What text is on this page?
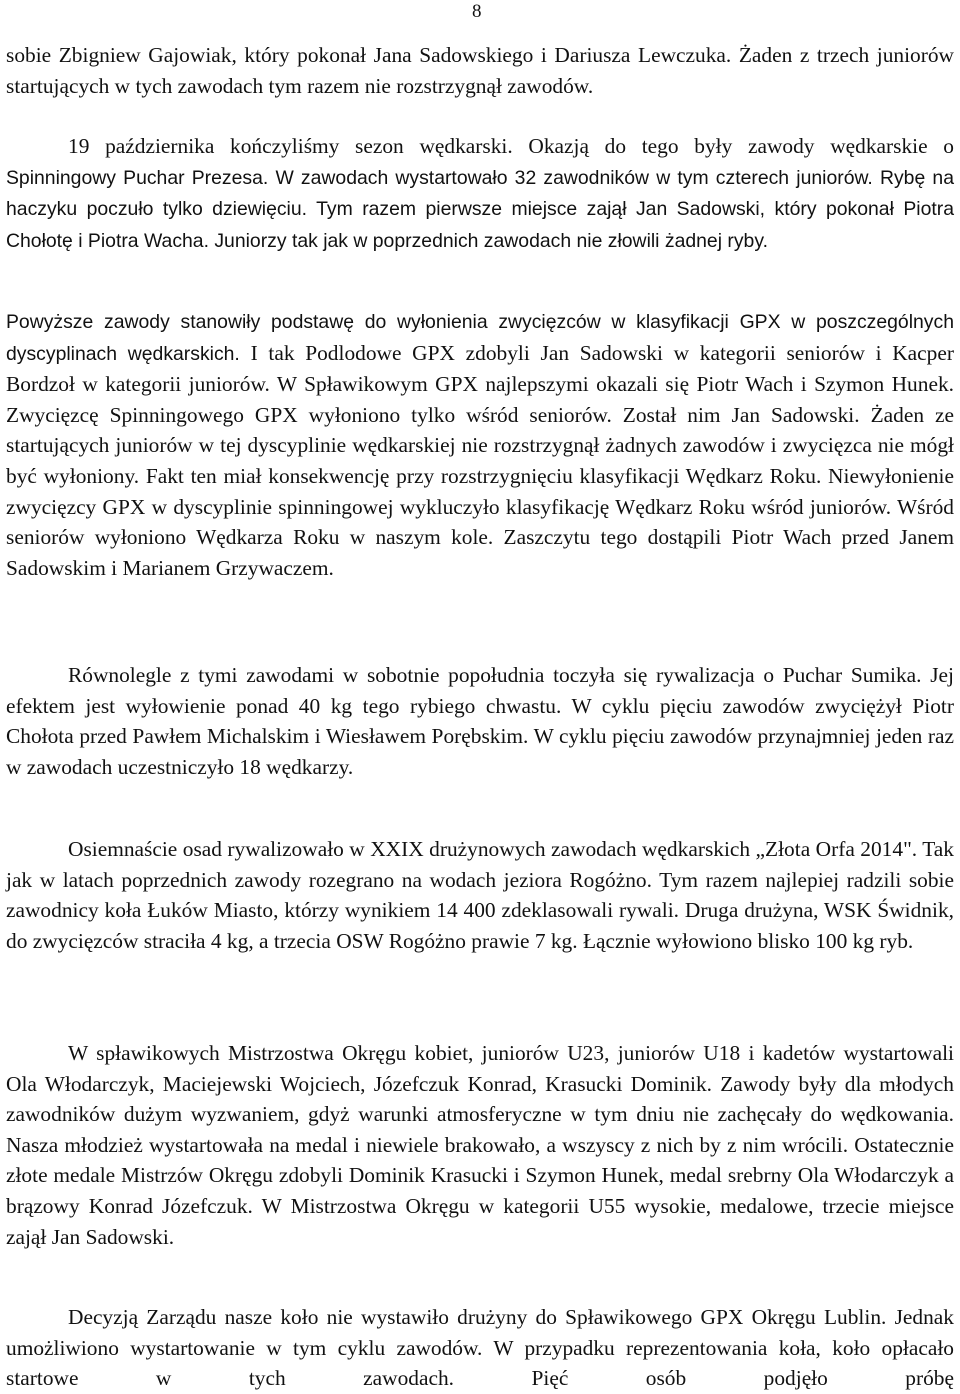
8

sobie Zbigniew Gajowiak, który pokonał Jana Sadowskiego i Dariusza Lewczuka. Żaden z trzech juniorów startujących w tych zawodach tym razem nie rozstrzygnął zawodów.

19 października kończyliśmy sezon wędkarski. Okazją do tego były zawody wędkarskie o Spinningowy Puchar Prezesa. W zawodach wystartowało 32 zawodników w tym czterech juniorów. Rybę na haczyku poczuło tylko dziewięciu. Tym razem pierwsze miejsce zajął Jan Sadowski, który pokonał Piotra Chołotę i Piotra Wacha. Juniorzy tak jak w poprzednich zawodach nie złowili żadnej ryby.

Powyższe zawody stanowiły podstawę do wyłonienia zwycięzców w klasyfikacji GPX w poszczególnych dyscyplinach wędkarskich. I tak Podlodowe GPX zdobyli Jan Sadowski w kategorii seniorów i Kacper Bordzoł w kategorii juniorów. W Spławikowym GPX najlepszymi okazali się Piotr Wach i Szymon Hunek. Zwycięzcę Spinningowego GPX wyłoniono tylko wśród seniorów. Został nim Jan Sadowski. Żaden ze startujących juniorów w tej dyscyplinie wędkarskiej nie rozstrzygnął żadnych zawodów i zwycięzca nie mógł być wyłoniony. Fakt ten miał konsekwencję przy rozstrzygnięciu klasyfikacji Wędkarz Roku. Niewyłonienie zwycięzcy GPX w dyscyplinie spinningowej wykluczyło klasyfikację Wędkarz Roku wśród juniorów. Wśród seniorów wyłoniono Wędkarza Roku w naszym kole. Zaszczytu tego dostąpili Piotr Wach przed Janem Sadowskim i Marianem Grzywaczem.

Równolegle z tymi zawodami w sobotnie popołudnia toczyła się rywalizacja o Puchar Sumika. Jej efektem jest wyłowienie ponad 40 kg tego rybiego chwastu. W cyklu pięciu zawodów zwyciężył Piotr Chołota przed Pawłem Michalskim i Wiesławem Porębskim. W cyklu pięciu zawodów przynajmniej jeden raz w zawodach uczestniczyło 18 wędkarzy.

Osiemnaście osad rywalizowało w XXIX drużynowych zawodach wędkarskich „Złota Orfa 2014". Tak jak w latach poprzednich zawody rozegrano na wodach jeziora Rogóżno. Tym razem najlepiej radzili sobie zawodnicy koła Łuków Miasto, którzy wynikiem 14 400 zdeklasowali rywali. Druga drużyna, WSK Świdnik, do zwycięzców straciła 4 kg, a trzecia OSW Rogóżno prawie 7 kg. Łącznie wyłowiono blisko 100 kg ryb.

W spławikowych Mistrzostwa Okręgu kobiet, juniorów U23, juniorów U18 i kadetów wystartowali Ola Włodarczyk, Maciejewski Wojciech, Józefczuk Konrad, Krasucki Dominik. Zawody były dla młodych zawodników dużym wyzwaniem, gdyż warunki atmosferyczne w tym dniu nie zachęcały do wędkowania. Nasza młodzież wystartowała na medal i niewiele brakowało, a wszyscy z nich by z nim wrócili. Ostatecznie złote medale Mistrzów Okręgu zdobyli Dominik Krasucki i Szymon Hunek, medal srebrny Ola Włodarczyk a brązowy Konrad Józefczuk. W Mistrzostwa Okręgu w kategorii U55 wysokie, medalowe, trzecie miejsce zajął Jan Sadowski.

Decyzją Zarządu nasze koło nie wystawiło drużyny do Spławikowego GPX Okręgu Lublin. Jednak umożliwiono wystartowanie w tym cyklu zawodów. W przypadku reprezentowania koła, koło opłacało startowe w tych zawodach. Pięć osób podjęło próbę
